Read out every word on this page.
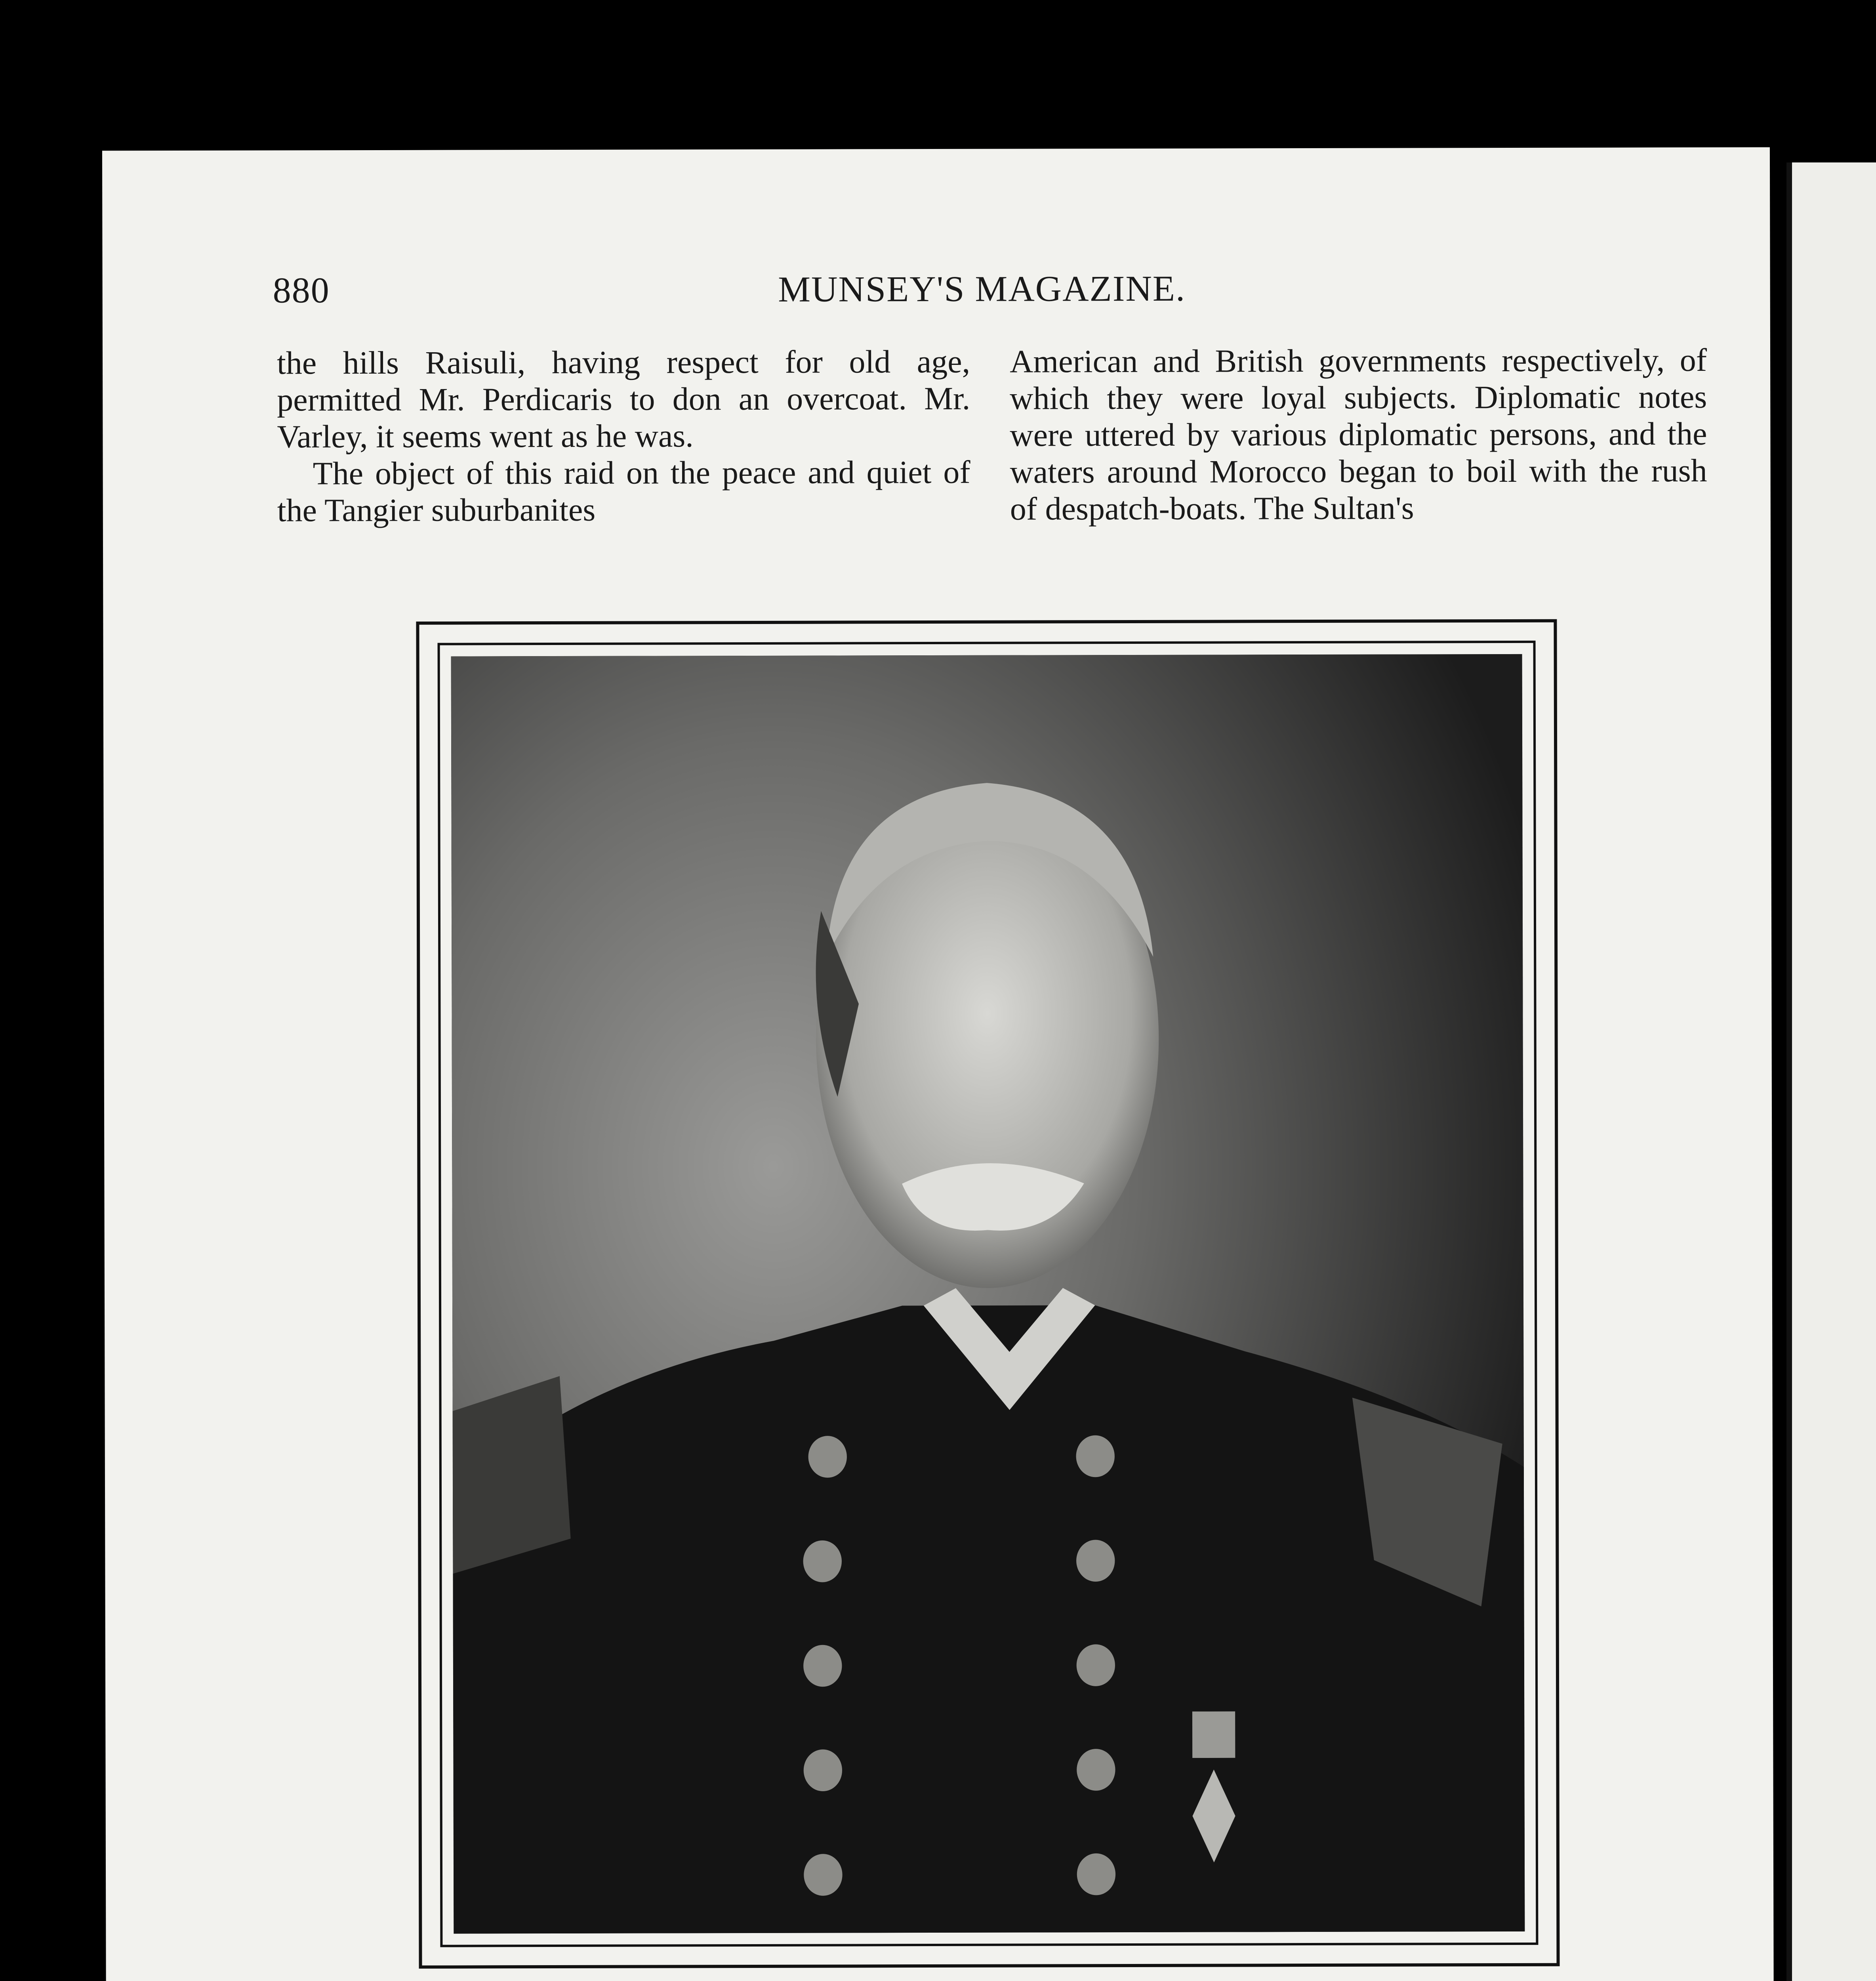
880	MUNSEY'S MAGAZINE.

the hills Raisuli, having respect for old age, permitted Mr. Perdicaris to don an overcoat. Mr. Varley, it seems went as he was.

The object of this raid on the peace and quiet of the Tangier suburbanites

American and British governments respectively, of which they were loyal subjects. Diplomatic notes were uttered by various diplomatic persons, and the waters around Morocco began to boil with the rush of despatch-boats. The Sultan's
